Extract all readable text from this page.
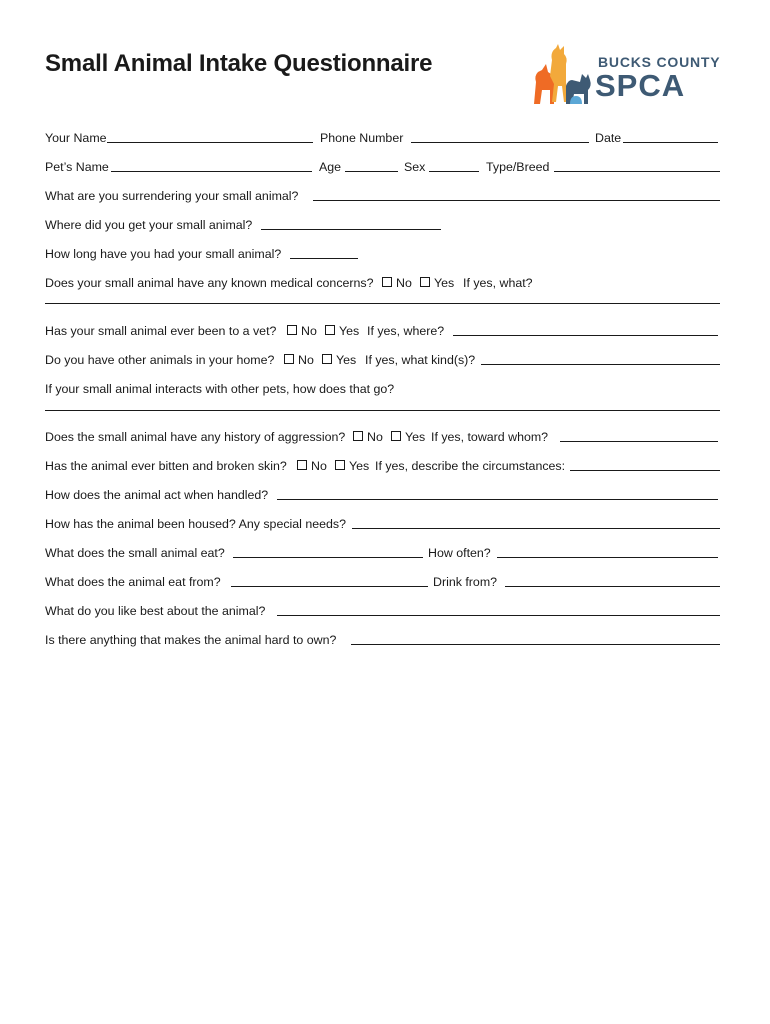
Small Animal Intake Questionnaire	BUCKS COUNTY
SPCA
Your Name	Phone Number	Date
Pet’s Name	Age	Sex	Type/Breed
What are you surrendering your small animal?
Where did you get your small animal?
How long have you had your small animal?
Does your small animal have any known medical concerns? No Yes If yes, what?
Has your small animal ever been to a vet? No Yes If yes, where?
Do you have other animals in your home? No Yes If yes, what kind(s)?
If your small animal interacts with other pets, how does that go?
Does the small animal have any history of aggression? No Yes If yes, toward whom?
Has the animal ever bitten and broken skin? No Yes If yes, describe the circumstances:
How does the animal act when handled?
How has the animal been housed? Any special needs?
What does the small animal eat?	How often?
What does the animal eat from?	Drink from?
What do you like best about the animal?
Is there anything that makes the animal hard to own?
